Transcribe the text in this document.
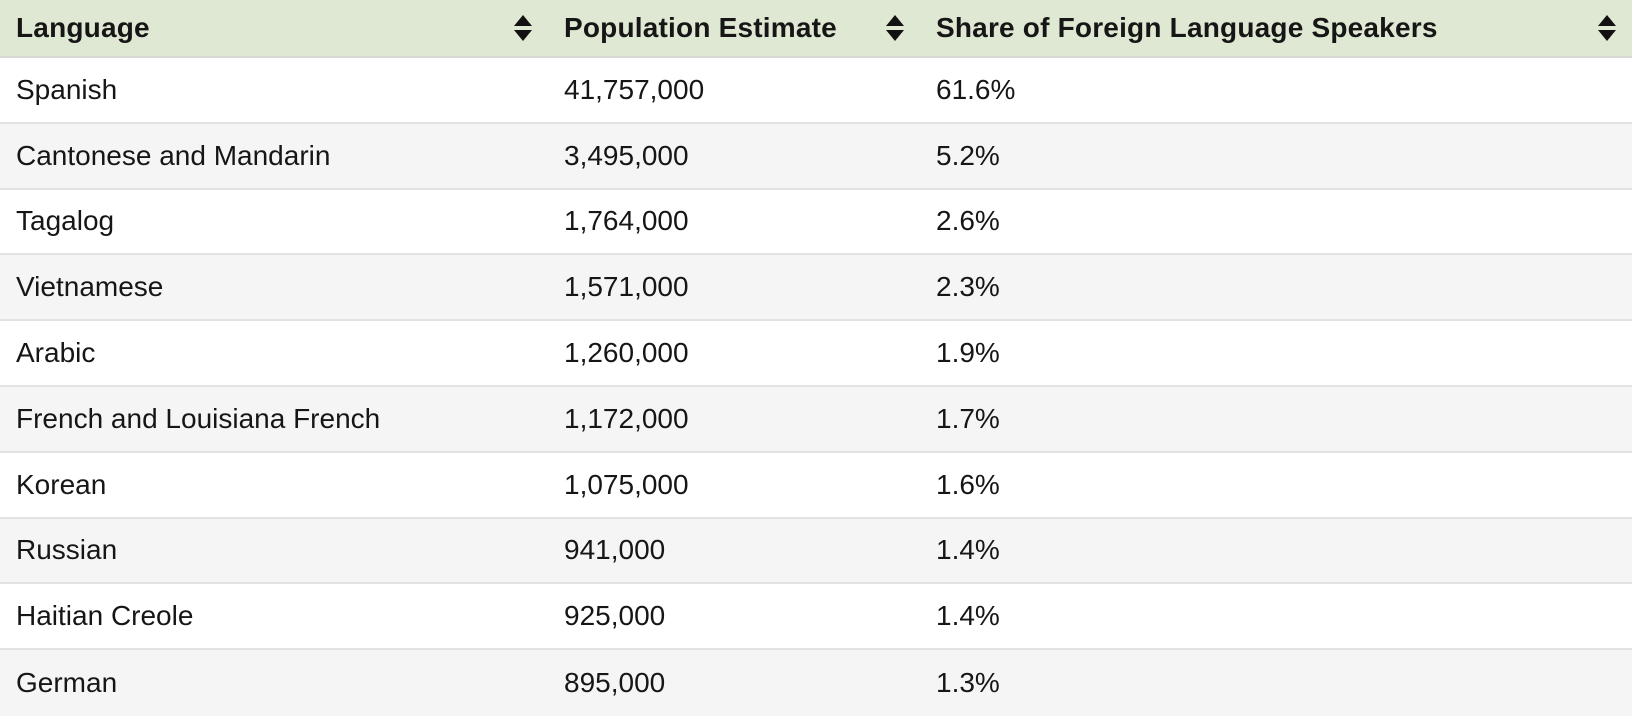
Language	Population Estimate	Share of Foreign Language Speakers
Spanish	41,757,000	61.6%
Cantonese and Mandarin	3,495,000	5.2%
Tagalog	1,764,000	2.6%
Vietnamese	1,571,000	2.3%
Arabic	1,260,000	1.9%
French and Louisiana French	1,172,000	1.7%
Korean	1,075,000	1.6%
Russian	941,000	1.4%
Haitian Creole	925,000	1.4%
German	895,000	1.3%
